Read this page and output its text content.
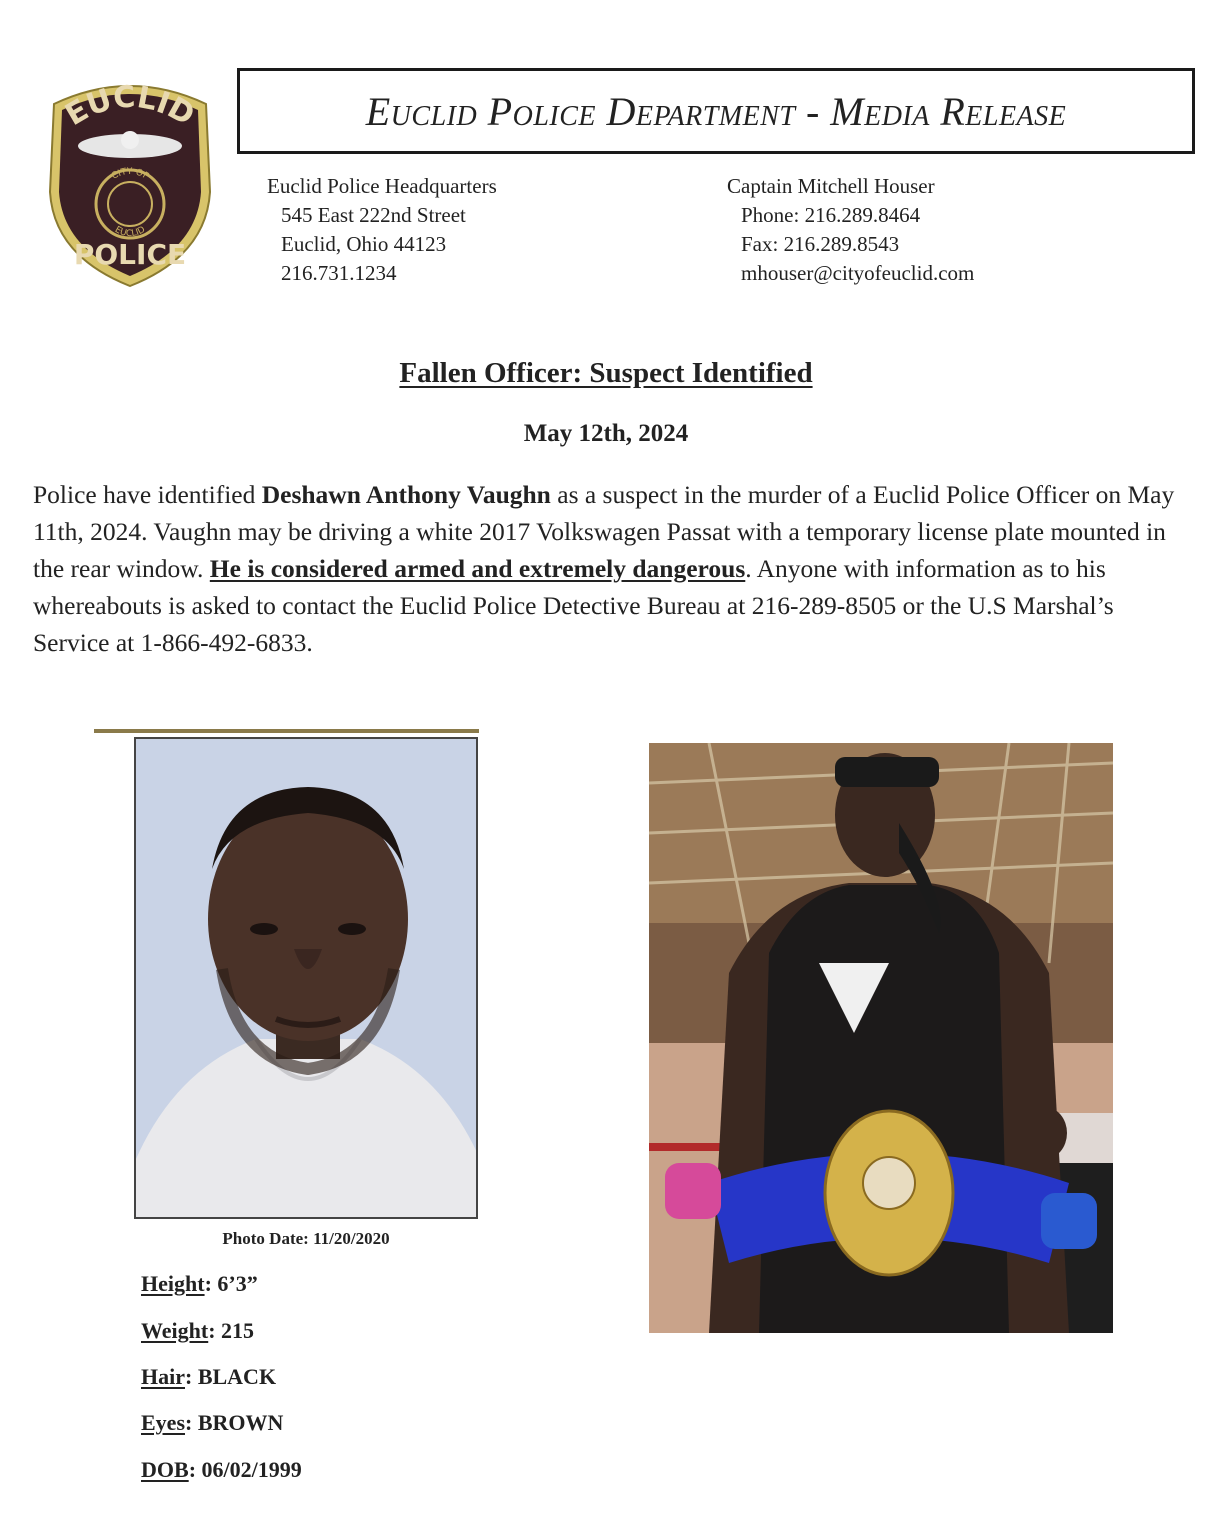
EUCLID
CITY OF
EUCLID
POLICE
Euclid Police Department - Media Release
Euclid Police Headquarters
545 East 222nd Street
Euclid, Ohio 44123
216.731.1234
Captain Mitchell Houser
Phone: 216.289.8464
Fax: 216.289.8543
mhouser@cityofeuclid.com
Fallen Officer: Suspect Identified
May 12th, 2024
Police have identified Deshawn Anthony Vaughn as a suspect in the murder of a Euclid Police Officer on May 11th, 2024. Vaughn may be driving a white 2017 Volkswagen Passat with a temporary license plate mounted in the rear window. He is considered armed and extremely dangerous. Anyone with information as to his whereabouts is asked to contact the Euclid Police Detective Bureau at 216-289-8505 or the U.S Marshal’s Service at 1-866-492-6833.
Photo Date: 11/20/2020
Height: 6’3”
Weight: 215
Hair: BLACK
Eyes: BROWN
DOB: 06/02/1999
